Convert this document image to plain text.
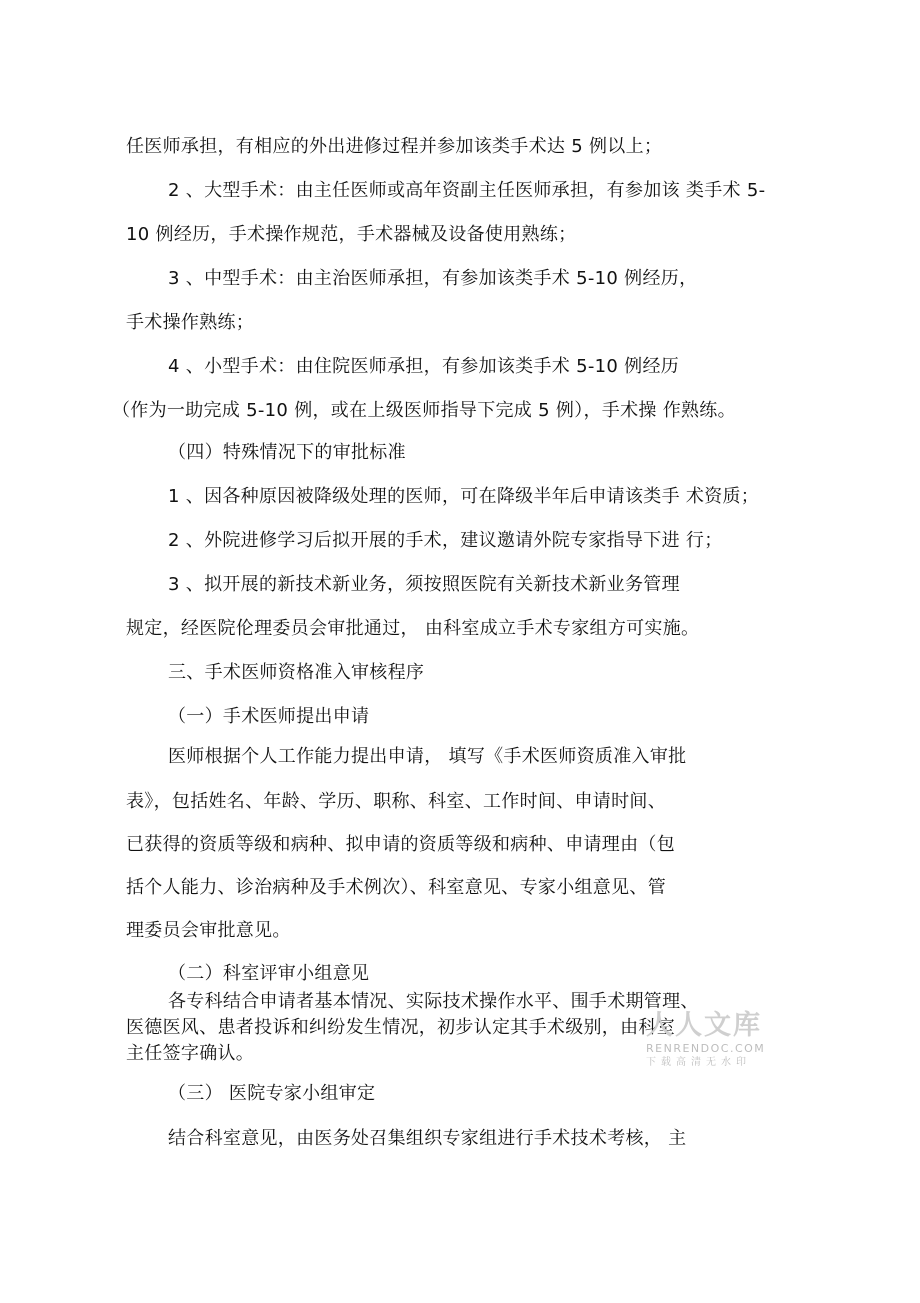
任医师承担，有相应的外出进修过程并参加该类手术达 5 例以上；

2 、大型手术：由主任医师或高年资副主任医师承担，有参加该 类手术 5-

10 例经历，手术操作规范，手术器械及设备使用熟练；

3 、中型手术：由主治医师承担，有参加该类手术 5-10 例经历，

手术操作熟练；

4 、小型手术：由住院医师承担，有参加该类手术 5-10 例经历

（作为一助完成 5-10 例，或在上级医师指导下完成 5 例），手术操 作熟练。

（四）特殊情况下的审批标准

1 、因各种原因被降级处理的医师，可在降级半年后申请该类手 术资质；

2 、外院进修学习后拟开展的手术，建议邀请外院专家指导下进 行；

3 、拟开展的新技术新业务，须按照医院有关新技术新业务管理

规定，经医院伦理委员会审批通过， 由科室成立手术专家组方可实施。

三、手术医师资格准入审核程序

（一）手术医师提出申请

医师根据个人工作能力提出申请， 填写《手术医师资质准入审批

表》，包括姓名、年龄、学历、职称、科室、工作时间、申请时间、

已获得的资质等级和病种、拟申请的资质等级和病种、申请理由（包

括个人能力、诊治病种及手术例次）、科室意见、专家小组意见、管

理委员会审批意见。

（二）科室评审小组意见

各专科结合申请者基本情况、实际技术操作水平、围手术期管理、

医德医风、患者投诉和纠纷发生情况，初步认定其手术级别，由科室

主任签字确认。

（三） 医院专家小组审定

结合科室意见，由医务处召集组织专家组进行手术技术考核， 主

人人文库
RENRENDOC.COM
下载高清无水印
